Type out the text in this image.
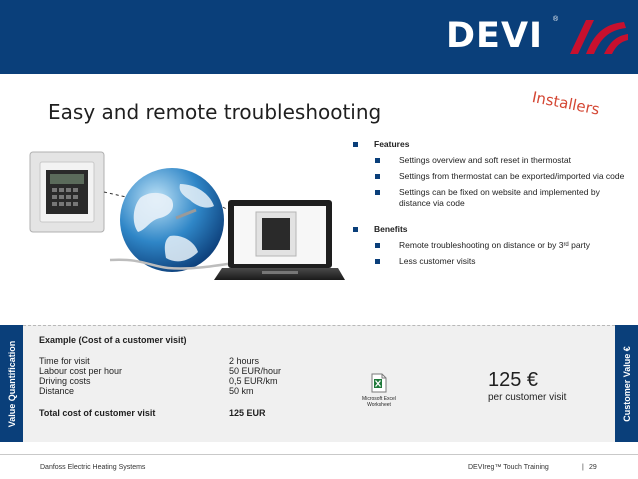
DEVI ®
Easy and remote troubleshooting	Installers
Features
Settings overview and soft reset in thermostat
Settings from thermostat can be exported/imported via code
Settings can be fixed on website and implemented by distance via code
Benefits
Remote troubleshooting on distance or by 3rd party
Less customer visits
Value Quantification
Example (Cost of a customer visit)
Time for visit	2 hours
Labour cost per hour	50 EUR/hour
Driving costs	0,5 EUR/km
Distance	50 km
Total cost of customer visit	125 EUR
Microsoft Excel Worksheet
125 €
per customer visit	Customer Value €
Danfoss Electric Heating Systems	DEVIreg™ Touch Training	| 29
